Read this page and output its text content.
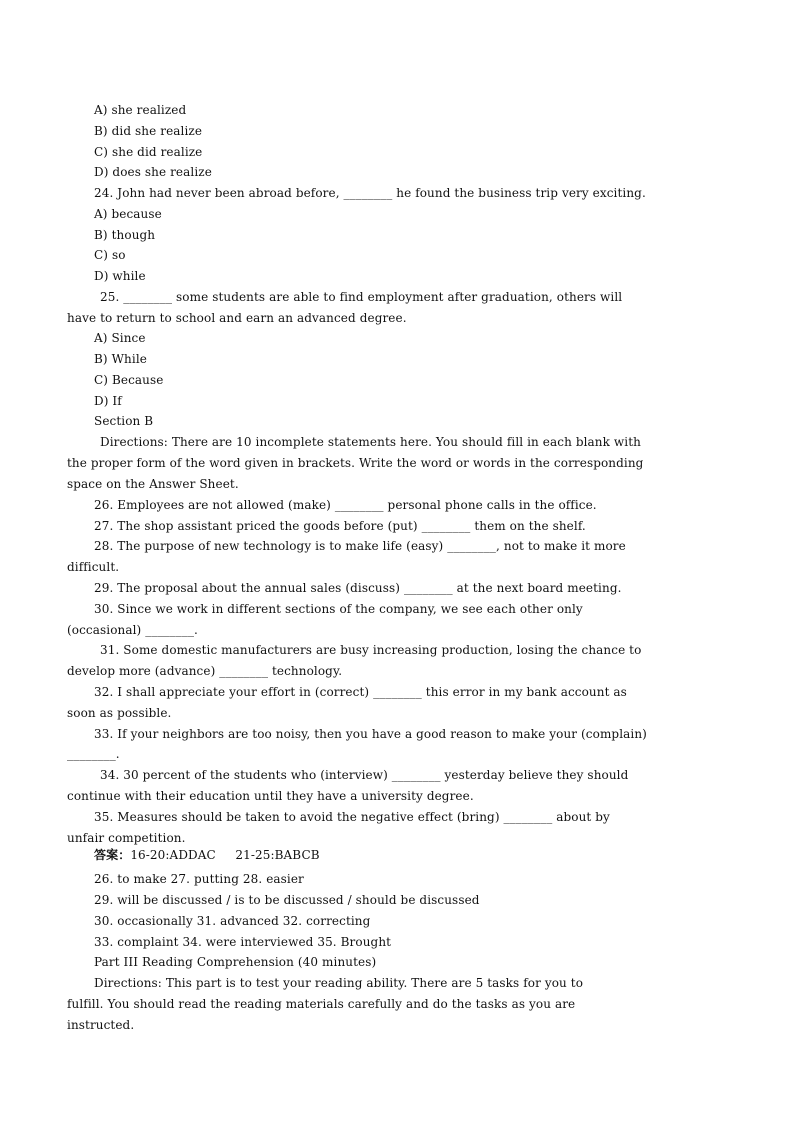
A) she realized
B) did she realize
C) she did realize
D) does she realize
24. John had never been abroad before, ________ he found the business trip very exciting.
A) because
B) though
C) so
D) while
25. ________ some students are able to find employment after graduation, others will
have to return to school and earn an advanced degree.
A) Since
B) While
C) Because
D) If
Section B
Directions: There are 10 incomplete statements here. You should fill in each blank with
the proper form of the word given in brackets. Write the word or words in the corresponding
space on the Answer Sheet.
26. Employees are not allowed (make) ________ personal phone calls in the office.
27. The shop assistant priced the goods before (put) ________ them on the shelf.
28. The purpose of new technology is to make life (easy) ________, not to make it more
difficult.
29. The proposal about the annual sales (discuss) ________ at the next board meeting.
30. Since we work in different sections of the company, we see each other only
(occasional) ________.
31. Some domestic manufacturers are busy increasing production, losing the chance to
develop more (advance) ________ technology.
32. I shall appreciate your effort in (correct) ________ this error in my bank account as
soon as possible.
33. If your neighbors are too noisy, then you have a good reason to make your (complain)
________.
34. 30 percent of the students who (interview) ________ yesterday believe they should
continue with their education until they have a university degree.
35. Measures should be taken to avoid the negative effect (bring) ________ about by
unfair competition.
答案：16-20:ADDAC     21-25:BABCB
26. to make 27. putting 28. easier
29. will be discussed / is to be discussed / should be discussed
30. occasionally 31. advanced 32. correcting
33. complaint 34. were interviewed 35. Brought
Part III Reading Comprehension (40 minutes)
Directions: This part is to test your reading ability. There are 5 tasks for you to
fulfill. You should read the reading materials carefully and do the tasks as you are
instructed.
